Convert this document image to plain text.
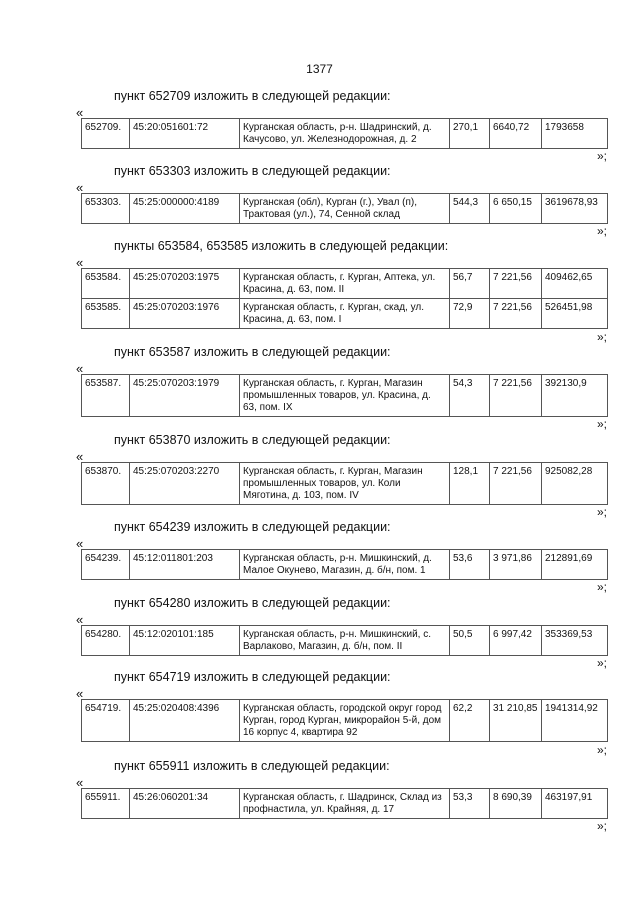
1377
пункт 652709 изложить в следующей редакции:
«
652709.	45:20:051601:72	Курганская область, р-н. Шадринский, д. Качусово, ул. Железнодорожная, д. 2	270,1	6640,72	1793658
»;
пункт 653303 изложить в следующей редакции:
«
653303.	45:25:000000:4189	Курганская (обл), Курган (г.), Увал (п), Трактовая (ул.), 74, Сенной склад	544,3	6 650,15	3619678,93
»;
пункты 653584, 653585 изложить в следующей редакции:
«
653584.	45:25:070203:1975	Курганская область, г. Курган, Аптека, ул. Красина, д. 63, пом. II	56,7	7 221,56	409462,65
653585.	45:25:070203:1976	Курганская область, г. Курган, скад, ул. Красина, д. 63, пом. I	72,9	7 221,56	526451,98
»;
пункт 653587 изложить в следующей редакции:
«
653587.	45:25:070203:1979	Курганская область, г. Курган, Магазин промышленных товаров, ул. Красина, д. 63, пом. IX	54,3	7 221,56	392130,9
»;
пункт 653870 изложить в следующей редакции:
«
653870.	45:25:070203:2270	Курганская область, г. Курган, Магазин промышленных товаров, ул. Коли Мяготина, д. 103, пом. IV	128,1	7 221,56	925082,28
»;
пункт 654239 изложить в следующей редакции:
«
654239.	45:12:011801:203	Курганская область, р-н. Мишкинский, д. Малое Окунево, Магазин, д. б/н, пом. 1	53,6	3 971,86	212891,69
»;
пункт 654280 изложить в следующей редакции:
«
654280.	45:12:020101:185	Курганская область, р-н. Мишкинский, с. Варлаково, Магазин, д. б/н, пом. II	50,5	6 997,42	353369,53
»;
пункт 654719 изложить в следующей редакции:
«
654719.	45:25:020408:4396	Курганская область, городской округ город Курган, город Курган, микрорайон 5-й, дом 16 корпус 4, квартира 92	62,2	31 210,85	1941314,92
»;
пункт 655911 изложить в следующей редакции:
«
655911.	45:26:060201:34	Курганская область, г. Шадринск, Склад из профнастила, ул. Крайняя, д. 17	53,3	8 690,39	463197,91
»;
